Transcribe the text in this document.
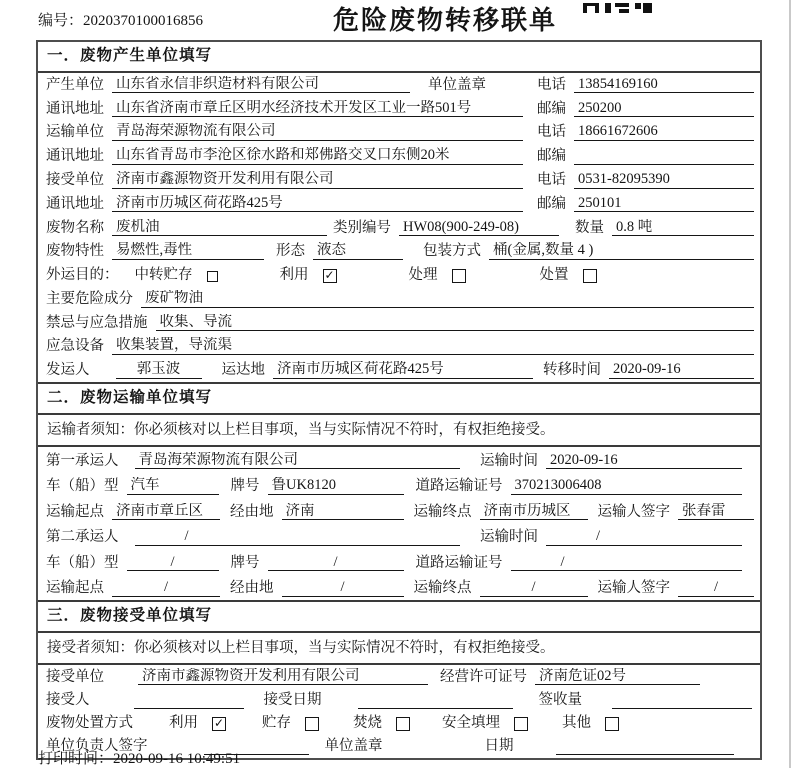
编号：2020370100016856	危险废物转移联单
一．废物产生单位填写
产生单位 山东省永信非织造材料有限公司	单位盖章	电话 13854169160
通讯地址 山东省济南市章丘区明水经济技术开发区工业一路501号	邮编 250200
运输单位 青岛海荣源物流有限公司	电话 18661672606
通讯地址 山东省青岛市李沧区徐水路和郑佛路交叉口东侧20米	邮编
接受单位 济南市鑫源物资开发利用有限公司	电话 0531-82095390
通讯地址 济南市历城区荷花路425号	邮编 250101
废物名称 废机油	类别编号 HW08(900-249-08)	数量 0.8 吨
废物特性 易燃性,毒性	形态 液态	包装方式 桶(金属,数量 4 )
外运目的： 中转贮存	利用 ✓	处理	处置
主要危险成分 废矿物油
禁忌与应急措施 收集、导流
应急设备 收集装置，导流渠
发运人	郭玉波	运达地 济南市历城区荷花路425号	转移时间 2020-09-16
二．废物运输单位填写
运输者须知：你必须核对以上栏目事项，当与实际情况不符时，有权拒绝接受。
第一承运人 青岛海荣源物流有限公司	运输时间 2020-09-16
车（船）型 汽车	牌号 鲁UK8120	道路运输证号 370213006408
运输起点 济南市章丘区	经由地 济南	运输终点 济南市历城区	运输人签字 张春雷
第二承运人	/	运输时间	/
车（船）型	/	牌号	/	道路运输证号	/
运输起点	/	经由地	/	运输终点	/	运输人签字	/
三．废物接受单位填写
接受者须知：你必须核对以上栏目事项，当与实际情况不符时，有权拒绝接受。
接受单位	济南市鑫源物资开发利用有限公司	经营许可证号 济南危证02号
接受人	接受日期	签收量
废物处置方式 利用 ✓	贮存	焚烧	安全填埋	其他
单位负责人签字	单位盖章	日期
打印时间：2020-09-16 10:49:51
